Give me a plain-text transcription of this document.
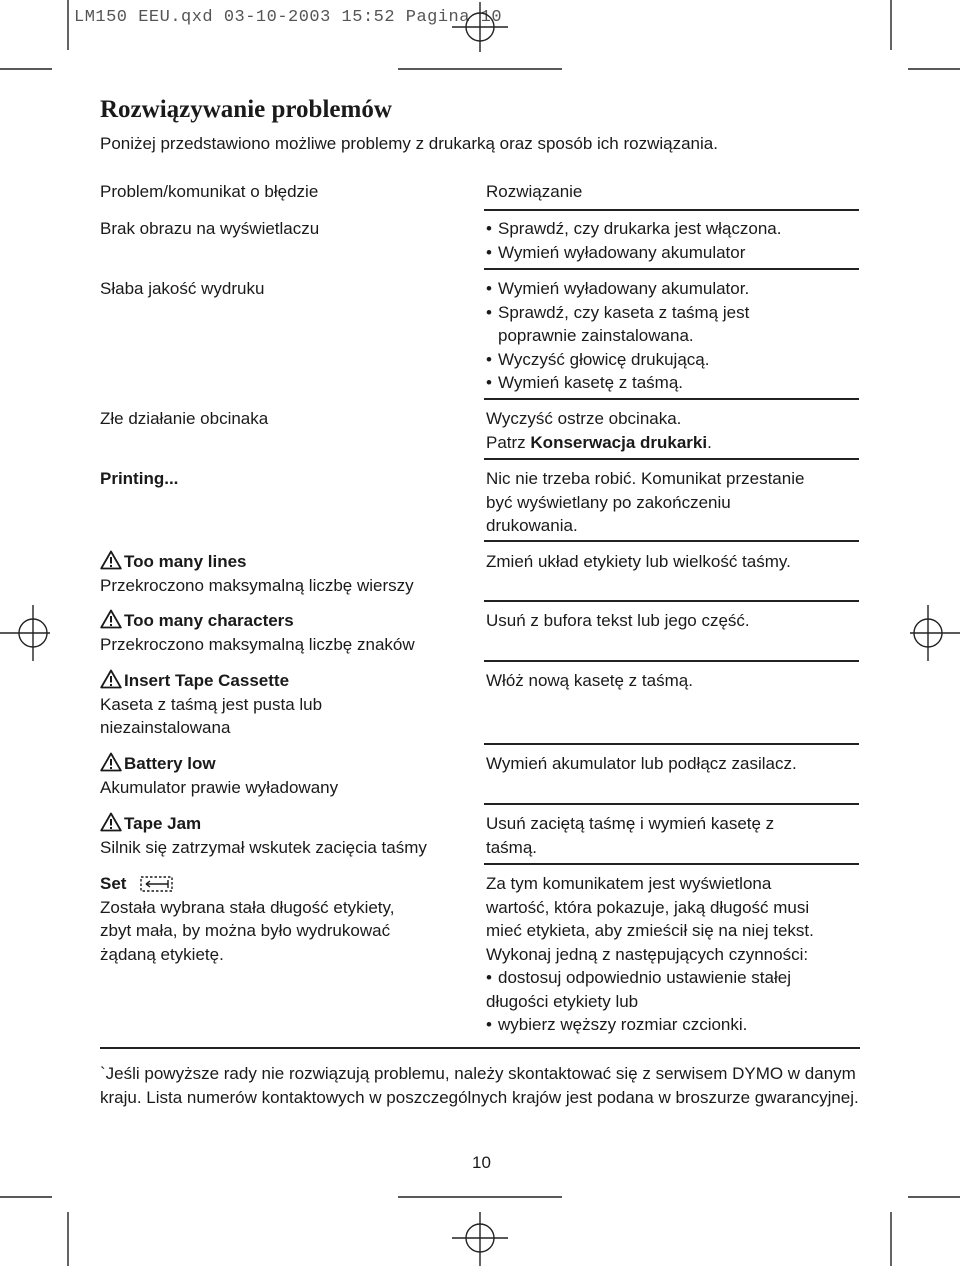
LM150 EEU.qxd 03-10-2003 15:52 Pagina 10
Rozwiązywanie problemów
Poniżej przedstawiono możliwe problemy z drukarką oraz sposób ich rozwiązania.
Problem/komunikat o błędzie	Rozwiązanie
Brak obrazu na wyświetlaczu
•	Sprawdź, czy drukarka jest włączona.
• Wymień wyładowany akumulator
Słaba jakość wydruku	• Wymień wyładowany akumulator.
• Sprawdź, czy kaseta z taśmą jest
poprawnie zainstalowana.
• Wyczyść głowicę drukującą.
• Wymień kasetę z taśmą.
Złe działanie obcinaka	Wyczyść ostrze obcinaka.
Patrz Konserwacja drukarki.
Printing...	Nic nie trzeba robić. Komunikat przestanie
być wyświetlany po zakończeniu
drukowania.
Too many lines
Przekroczono maksymalną liczbę wierszy
Zmień układ etykiety lub wielkość taśmy.
Too many characters
Przekroczono maksymalną liczbę znaków
Usuń z bufora tekst lub jego część.
Insert Tape Cassette
Kaseta z taśmą jest pusta lub
niezainstalowana
Włóż nową kasetę z taśmą.
Battery low
Akumulator prawie wyładowany
Wymień akumulator lub podłącz zasilacz.
Tape Jam
Silnik się zatrzymał wskutek zacięcia taśmy
Usuń zaciętą taśmę i wymień kasetę z
taśmą.
Set
Została wybrana stała długość etykiety,
zbyt mała, by można było wydrukować
żądaną etykietę.
Za tym komunikatem jest wyświetlona
wartość, która pokazuje, jaką długość musi
mieć etykieta, aby zmieścił się na niej tekst.
Wykonaj jedną z następujących czynności:
• dostosuj odpowiednio ustawienie stałej
długości etykiety lub
• wybierz węższy rozmiar czcionki.
`Jeśli powyższe rady nie rozwiązują problemu, należy skontaktować się z serwisem DYMO w danym
kraju. Lista numerów kontaktowych w poszczególnych krajów jest podana w broszurze gwarancyjnej.
10
